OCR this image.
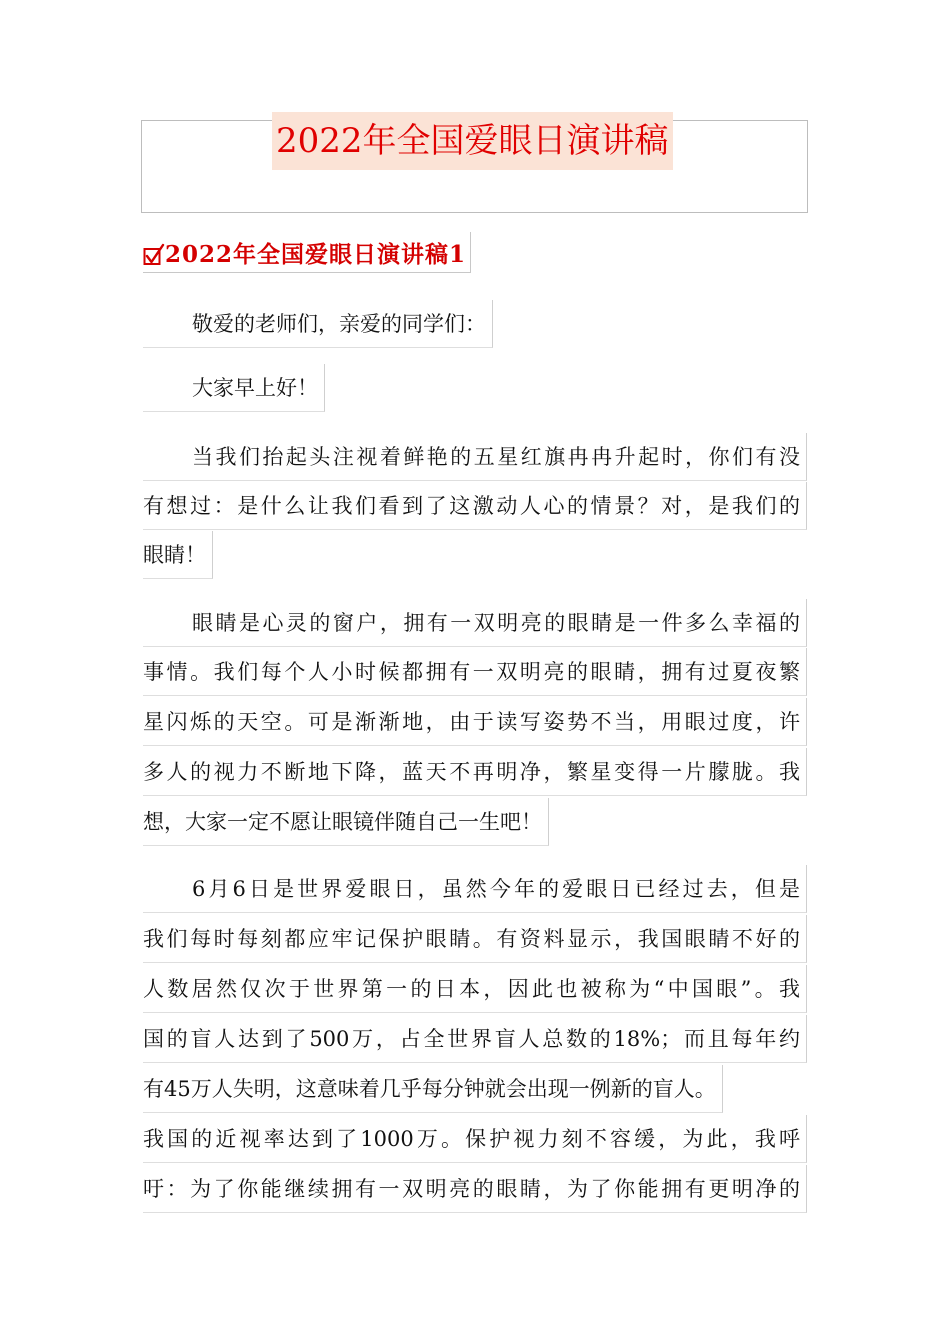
2022年全国爱眼日演讲稿
2022年全国爱眼日演讲稿1
敬爱的老师们，亲爱的同学们：
大家早上好！
当我们抬起头注视着鲜艳的五星红旗冉冉升起时，你们有没
有想过：是什么让我们看到了这激动人心的情景？对，是我们的
眼睛！
眼睛是心灵的窗户，拥有一双明亮的眼睛是一件多么幸福的
事情。我们每个人小时候都拥有一双明亮的眼睛，拥有过夏夜繁
星闪烁的天空。可是渐渐地，由于读写姿势不当，用眼过度，许
多人的视力不断地下降，蓝天不再明净，繁星变得一片朦胧。我
想，大家一定不愿让眼镜伴随自己一生吧！
6月6日是世界爱眼日，虽然今年的爱眼日已经过去，但是
我们每时每刻都应牢记保护眼睛。有资料显示，我国眼睛不好的
人数居然仅次于世界第一的日本，因此也被称为“中国眼”。我
国的盲人达到了500万，占全世界盲人总数的18%；而且每年约
有45万人失明，这意味着几乎每分钟就会出现一例新的盲人。
我国的近视率达到了1000万。保护视力刻不容缓，为此，我呼
吁：为了你能继续拥有一双明亮的眼睛，为了你能拥有更明净的
